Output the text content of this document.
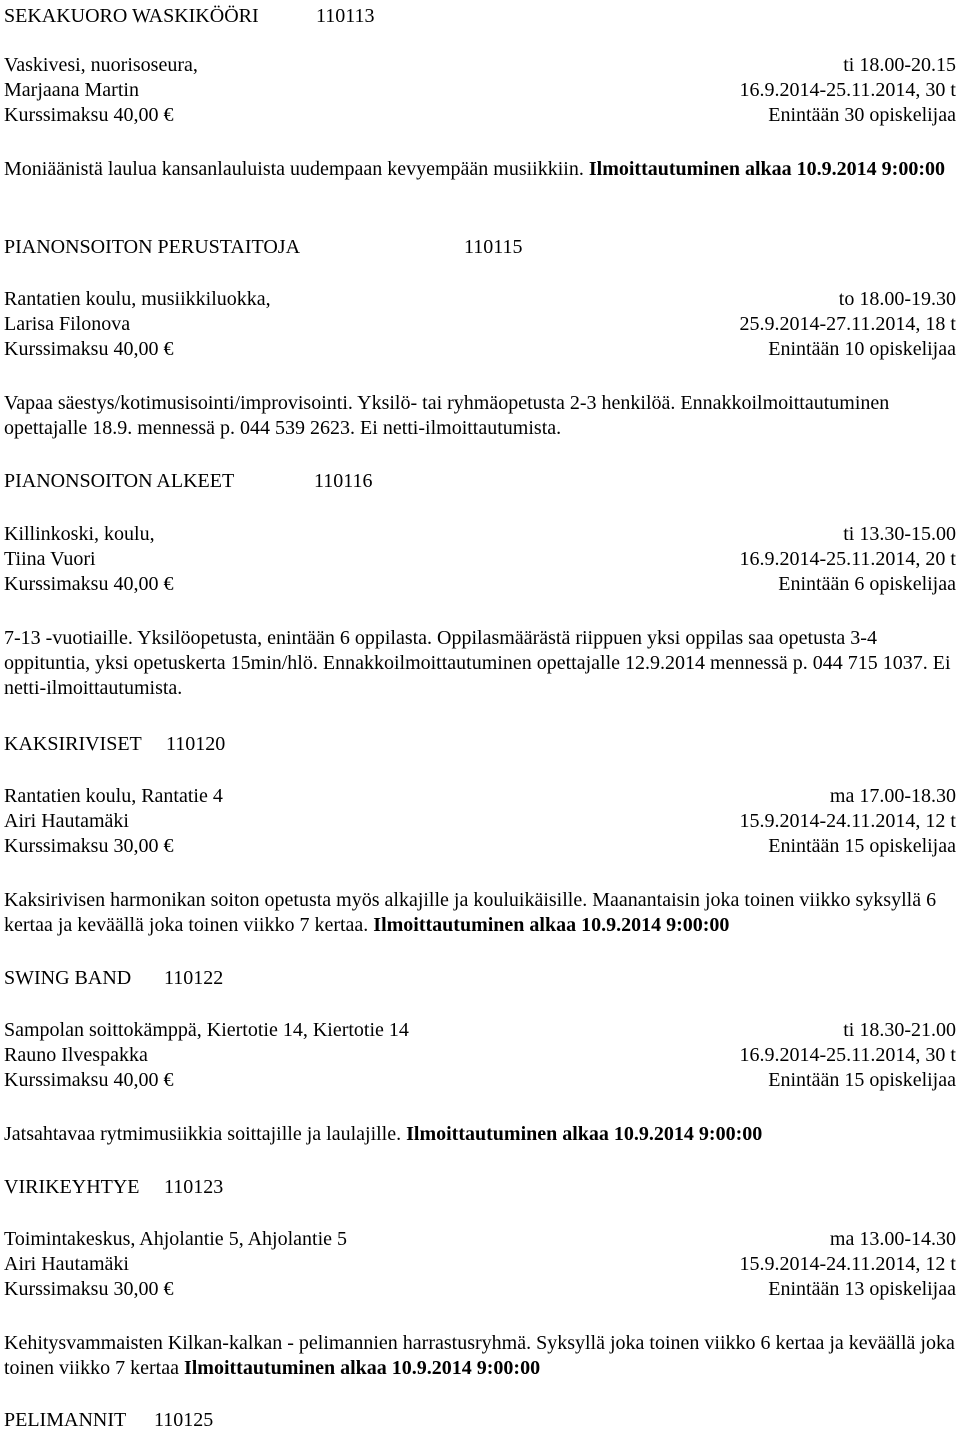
SEKAKUORO WASKIKÖÖRI	110113
Vaskivesi, nuorisoseura,	ti 18.00-20.15
Marjaana Martin	16.9.2014-25.11.2014, 30 t
Kurssimaksu 40,00 €	Enintään 30 opiskelijaa
Moniäänistä laulua kansanlauluista uudempaan kevyempään musiikkiin. Ilmoittautuminen alkaa 10.9.2014 9:00:00
PIANONSOITON PERUSTAITOJA	110115
Rantatien koulu, musiikkiluokka,	to 18.00-19.30
Larisa Filonova	25.9.2014-27.11.2014, 18 t
Kurssimaksu 40,00 €	Enintään 10 opiskelijaa
Vapaa säestys/kotimusisointi/improvisointi. Yksilö- tai ryhmäopetusta 2-3 henkilöä. Ennakkoilmoittautuminen opettajalle 18.9. mennessä p. 044 539 2623. Ei netti-ilmoittautumista.
PIANONSOITON ALKEET	110116
Killinkoski, koulu,	ti 13.30-15.00
Tiina Vuori	16.9.2014-25.11.2014, 20 t
Kurssimaksu 40,00 €	Enintään 6 opiskelijaa
7-13 -vuotiaille. Yksilöopetusta, enintään 6 oppilasta. Oppilasmäärästä riippuen yksi oppilas saa opetusta 3-4 oppituntia, yksi opetuskerta 15min/hlö. Ennakkoilmoittautuminen opettajalle 12.9.2014 mennessä p. 044 715 1037. Ei netti-ilmoittautumista.
KAKSIRIVISET 110120
Rantatien koulu, Rantatie 4	ma 17.00-18.30
Airi Hautamäki	15.9.2014-24.11.2014, 12 t
Kurssimaksu 30,00 €	Enintään 15 opiskelijaa
Kaksirivisen harmonikan soiton opetusta myös alkajille ja kouluikäisille. Maanantaisin joka toinen viikko syksyllä 6 kertaa ja keväällä joka toinen viikko 7 kertaa. Ilmoittautuminen alkaa 10.9.2014 9:00:00
SWING BAND 110122
Sampolan soittokämppä, Kiertotie 14, Kiertotie 14	ti 18.30-21.00
Rauno Ilvespakka	16.9.2014-25.11.2014, 30 t
Kurssimaksu 40,00 €	Enintään 15 opiskelijaa
Jatsahtavaa rytmimusiikkia soittajille ja laulajille. Ilmoittautuminen alkaa 10.9.2014 9:00:00
VIRIKEYHTYE 110123
Toimintakeskus, Ahjolantie 5, Ahjolantie 5	ma 13.00-14.30
Airi Hautamäki	15.9.2014-24.11.2014, 12 t
Kurssimaksu 30,00 €	Enintään 13 opiskelijaa
Kehitysvammaisten Kilkan-kalkan - pelimannien harrastusryhmä. Syksyllä joka toinen viikko 6 kertaa ja keväällä joka toinen viikko 7 kertaa Ilmoittautuminen alkaa 10.9.2014 9:00:00
PELIMANNIT 110125
